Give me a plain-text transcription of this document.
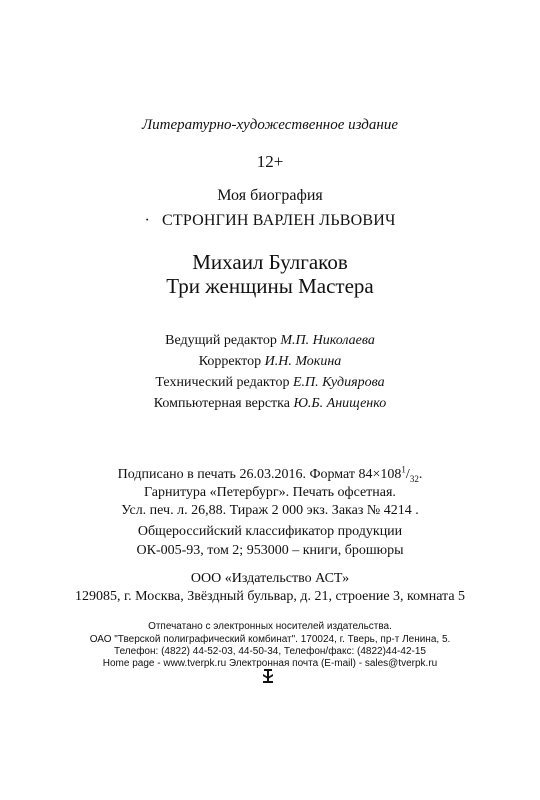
Литературно-художественное издание
12+
Моя биография
· СТРОНГИН ВАРЛЕН ЛЬВОВИЧ
Михаил Булгаков
Три женщины Мастера
Ведущий редактор М.П. Николаева
Корректор И.Н. Мокина
Технический редактор Е.П. Кудиярова
Компьютерная верстка Ю.Б. Анищенко
Подписано в печать 26.03.2016. Формат $84\times 108^1/_{32}$.
Гарнитура «Петербург». Печать офсетная.
Усл. печ. л. 26,88. Тираж 2 000 экз. Заказ № 4214 .
Общероссийский классификатор продукции
ОК-005-93, том 2; 953000 – книги, брошюры
ООО «Издательство АСТ»
129085, г. Москва, Звёздный бульвар, д. 21, строение 3, комната 5
Отпечатано с электронных носителей издательства.
ОАО "Тверской полиграфический комбинат". 170024, г. Тверь, пр-т Ленина, 5.
Телефон: (4822) 44-52-03, 44-50-34, Телефон/факс: (4822)44-42-15
Home page - www.tverpk.ru Электронная почта (E-mail) - sales@tverpk.ru
